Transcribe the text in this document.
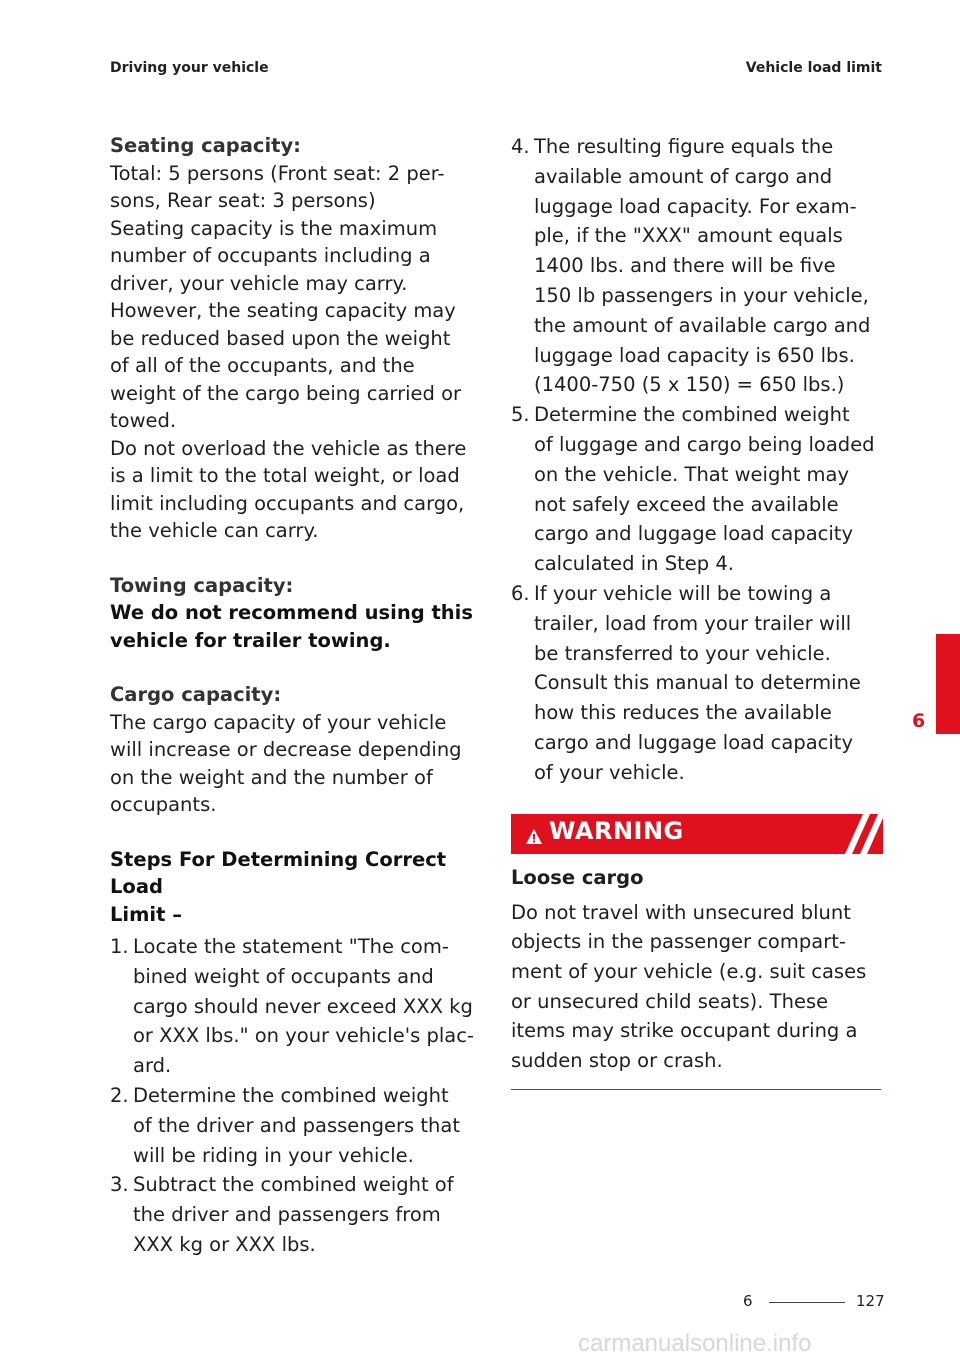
Driving your vehicle	Vehicle load limit
Seating capacity:
Total: 5 persons (Front seat: 2 per-
sons, Rear seat: 3 persons)
Seating capacity is the maximum
number of occupants including a
driver, your vehicle may carry.
However, the seating capacity may
be reduced based upon the weight
of all of the occupants, and the
weight of the cargo being carried or
towed.
Do not overload the vehicle as there
is a limit to the total weight, or load
limit including occupants and cargo,
the vehicle can carry.
Towing capacity:
We do not recommend using this
vehicle for trailer towing.
Cargo capacity:
The cargo capacity of your vehicle
will increase or decrease depending
on the weight and the number of
occupants.
Steps For Determining Correct Load
Limit –
1. Locate the statement "The com-
bined weight of occupants and
cargo should never exceed XXX kg
or XXX lbs." on your vehicle's plac-
ard.
2. Determine the combined weight
of the driver and passengers that
will be riding in your vehicle.
3. Subtract the combined weight of
the driver and passengers from
XXX kg or XXX lbs.
4. The resulting figure equals the
available amount of cargo and
luggage load capacity. For exam-
ple, if the "XXX" amount equals
1400 lbs. and there will be five
150 lb passengers in your vehicle,
the amount of available cargo and
luggage load capacity is 650 lbs.
(1400-750 (5 x 150) = 650 lbs.)
5. Determine the combined weight
of luggage and cargo being loaded
on the vehicle. That weight may
not safely exceed the available
cargo and luggage load capacity
calculated in Step 4.
6. If your vehicle will be towing a
trailer, load from your trailer will
be transferred to your vehicle.
Consult this manual to determine
how this reduces the available
cargo and luggage load capacity
of your vehicle.
WARNING
Loose cargo
Do not travel with unsecured blunt
objects in the passenger compart-
ment of your vehicle (e.g. suit cases
or unsecured child seats). These
items may strike occupant during a
sudden stop or crash.
6
6	127
carmanualsonline.info
